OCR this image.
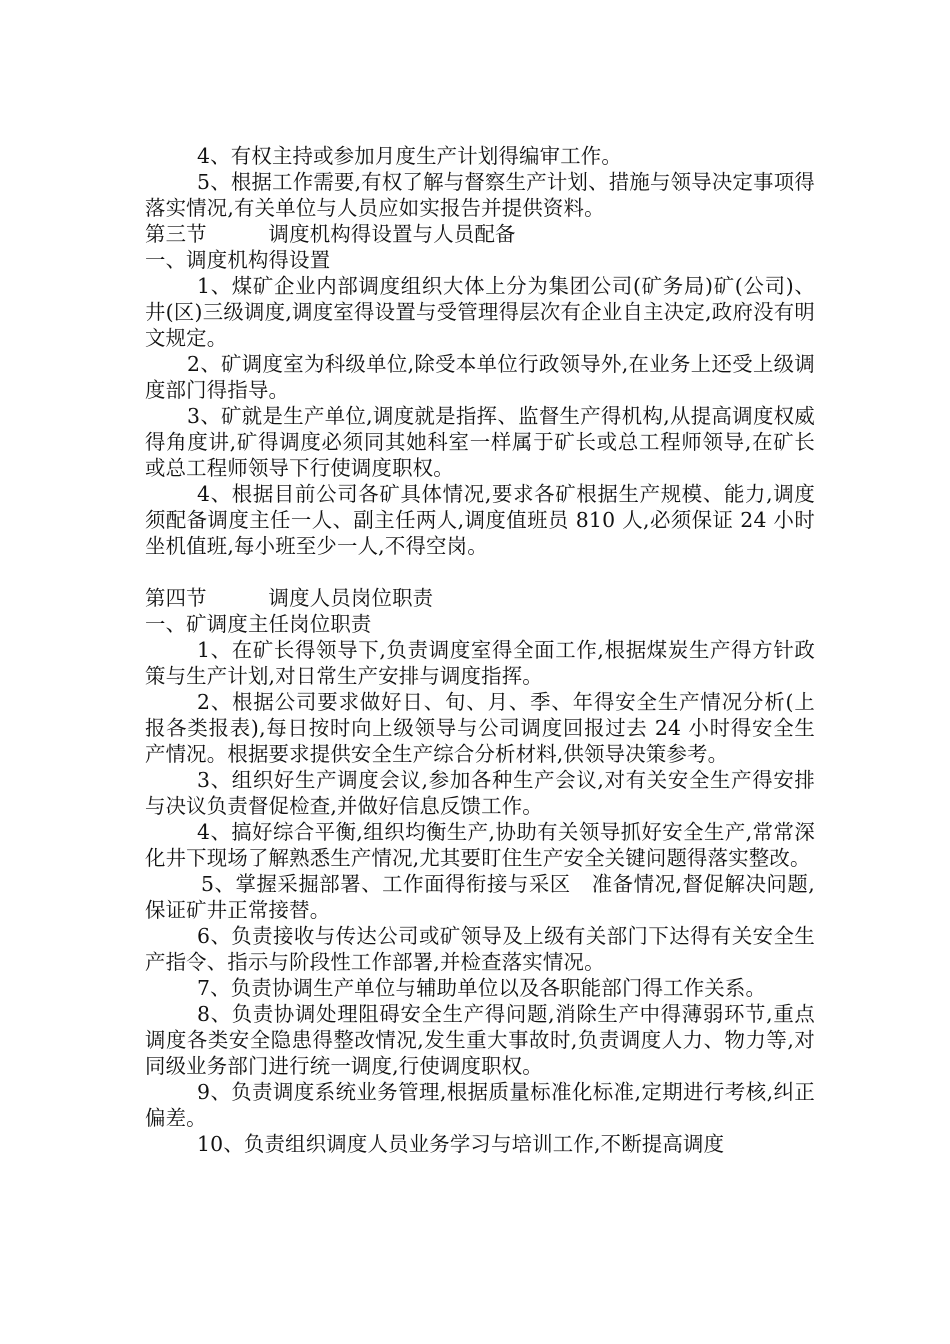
4、有权主持或参加月度生产计划得编审工作。

5、根据工作需要,有权了解与督察生产计划、措施与领导决定事项得落实情况,有关单位与人员应如实报告并提供资料。

第三节　　　调度机构得设置与人员配备

一、调度机构得设置

1、煤矿企业内部调度组织大体上分为集团公司(矿务局)矿(公司)、井(区)三级调度,调度室得设置与受管理得层次有企业自主决定,政府没有明文规定。

2、矿调度室为科级单位,除受本单位行政领导外,在业务上还受上级调度部门得指导。

3、矿就是生产单位,调度就是指挥、监督生产得机构,从提高调度权威得角度讲,矿得调度必须同其她科室一样属于矿长或总工程师领导,在矿长或总工程师领导下行使调度职权。

4、根据目前公司各矿具体情况,要求各矿根据生产规模、能力,调度须配备调度主任一人、副主任两人,调度值班员 810 人,必须保证 24 小时坐机值班,每小班至少一人,不得空岗。

第四节　　　调度人员岗位职责

一、矿调度主任岗位职责

1、在矿长得领导下,负责调度室得全面工作,根据煤炭生产得方针政策与生产计划,对日常生产安排与调度指挥。

2、根据公司要求做好日、旬、月、季、年得安全生产情况分析(上报各类报表),每日按时向上级领导与公司调度回报过去 24 小时得安全生产情况。根据要求提供安全生产综合分析材料,供领导决策参考。

3、组织好生产调度会议,参加各种生产会议,对有关安全生产得安排与决议负责督促检查,并做好信息反馈工作。

4、搞好综合平衡,组织均衡生产,协助有关领导抓好安全生产,常常深化井下现场了解熟悉生产情况,尤其要盯住生产安全关键问题得落实整改。

5、掌握采掘部署、工作面得衔接与采区　准备情况,督促解决问题,保证矿井正常接替。

6、负责接收与传达公司或矿领导及上级有关部门下达得有关安全生产指令、指示与阶段性工作部署,并检查落实情况。

7、负责协调生产单位与辅助单位以及各职能部门得工作关系。

8、负责协调处理阻碍安全生产得问题,消除生产中得薄弱环节,重点调度各类安全隐患得整改情况,发生重大事故时,负责调度人力、物力等,对同级业务部门进行统一调度,行使调度职权。

9、负责调度系统业务管理,根据质量标准化标准,定期进行考核,纠正偏差。

10、负责组织调度人员业务学习与培训工作,不断提高调度
